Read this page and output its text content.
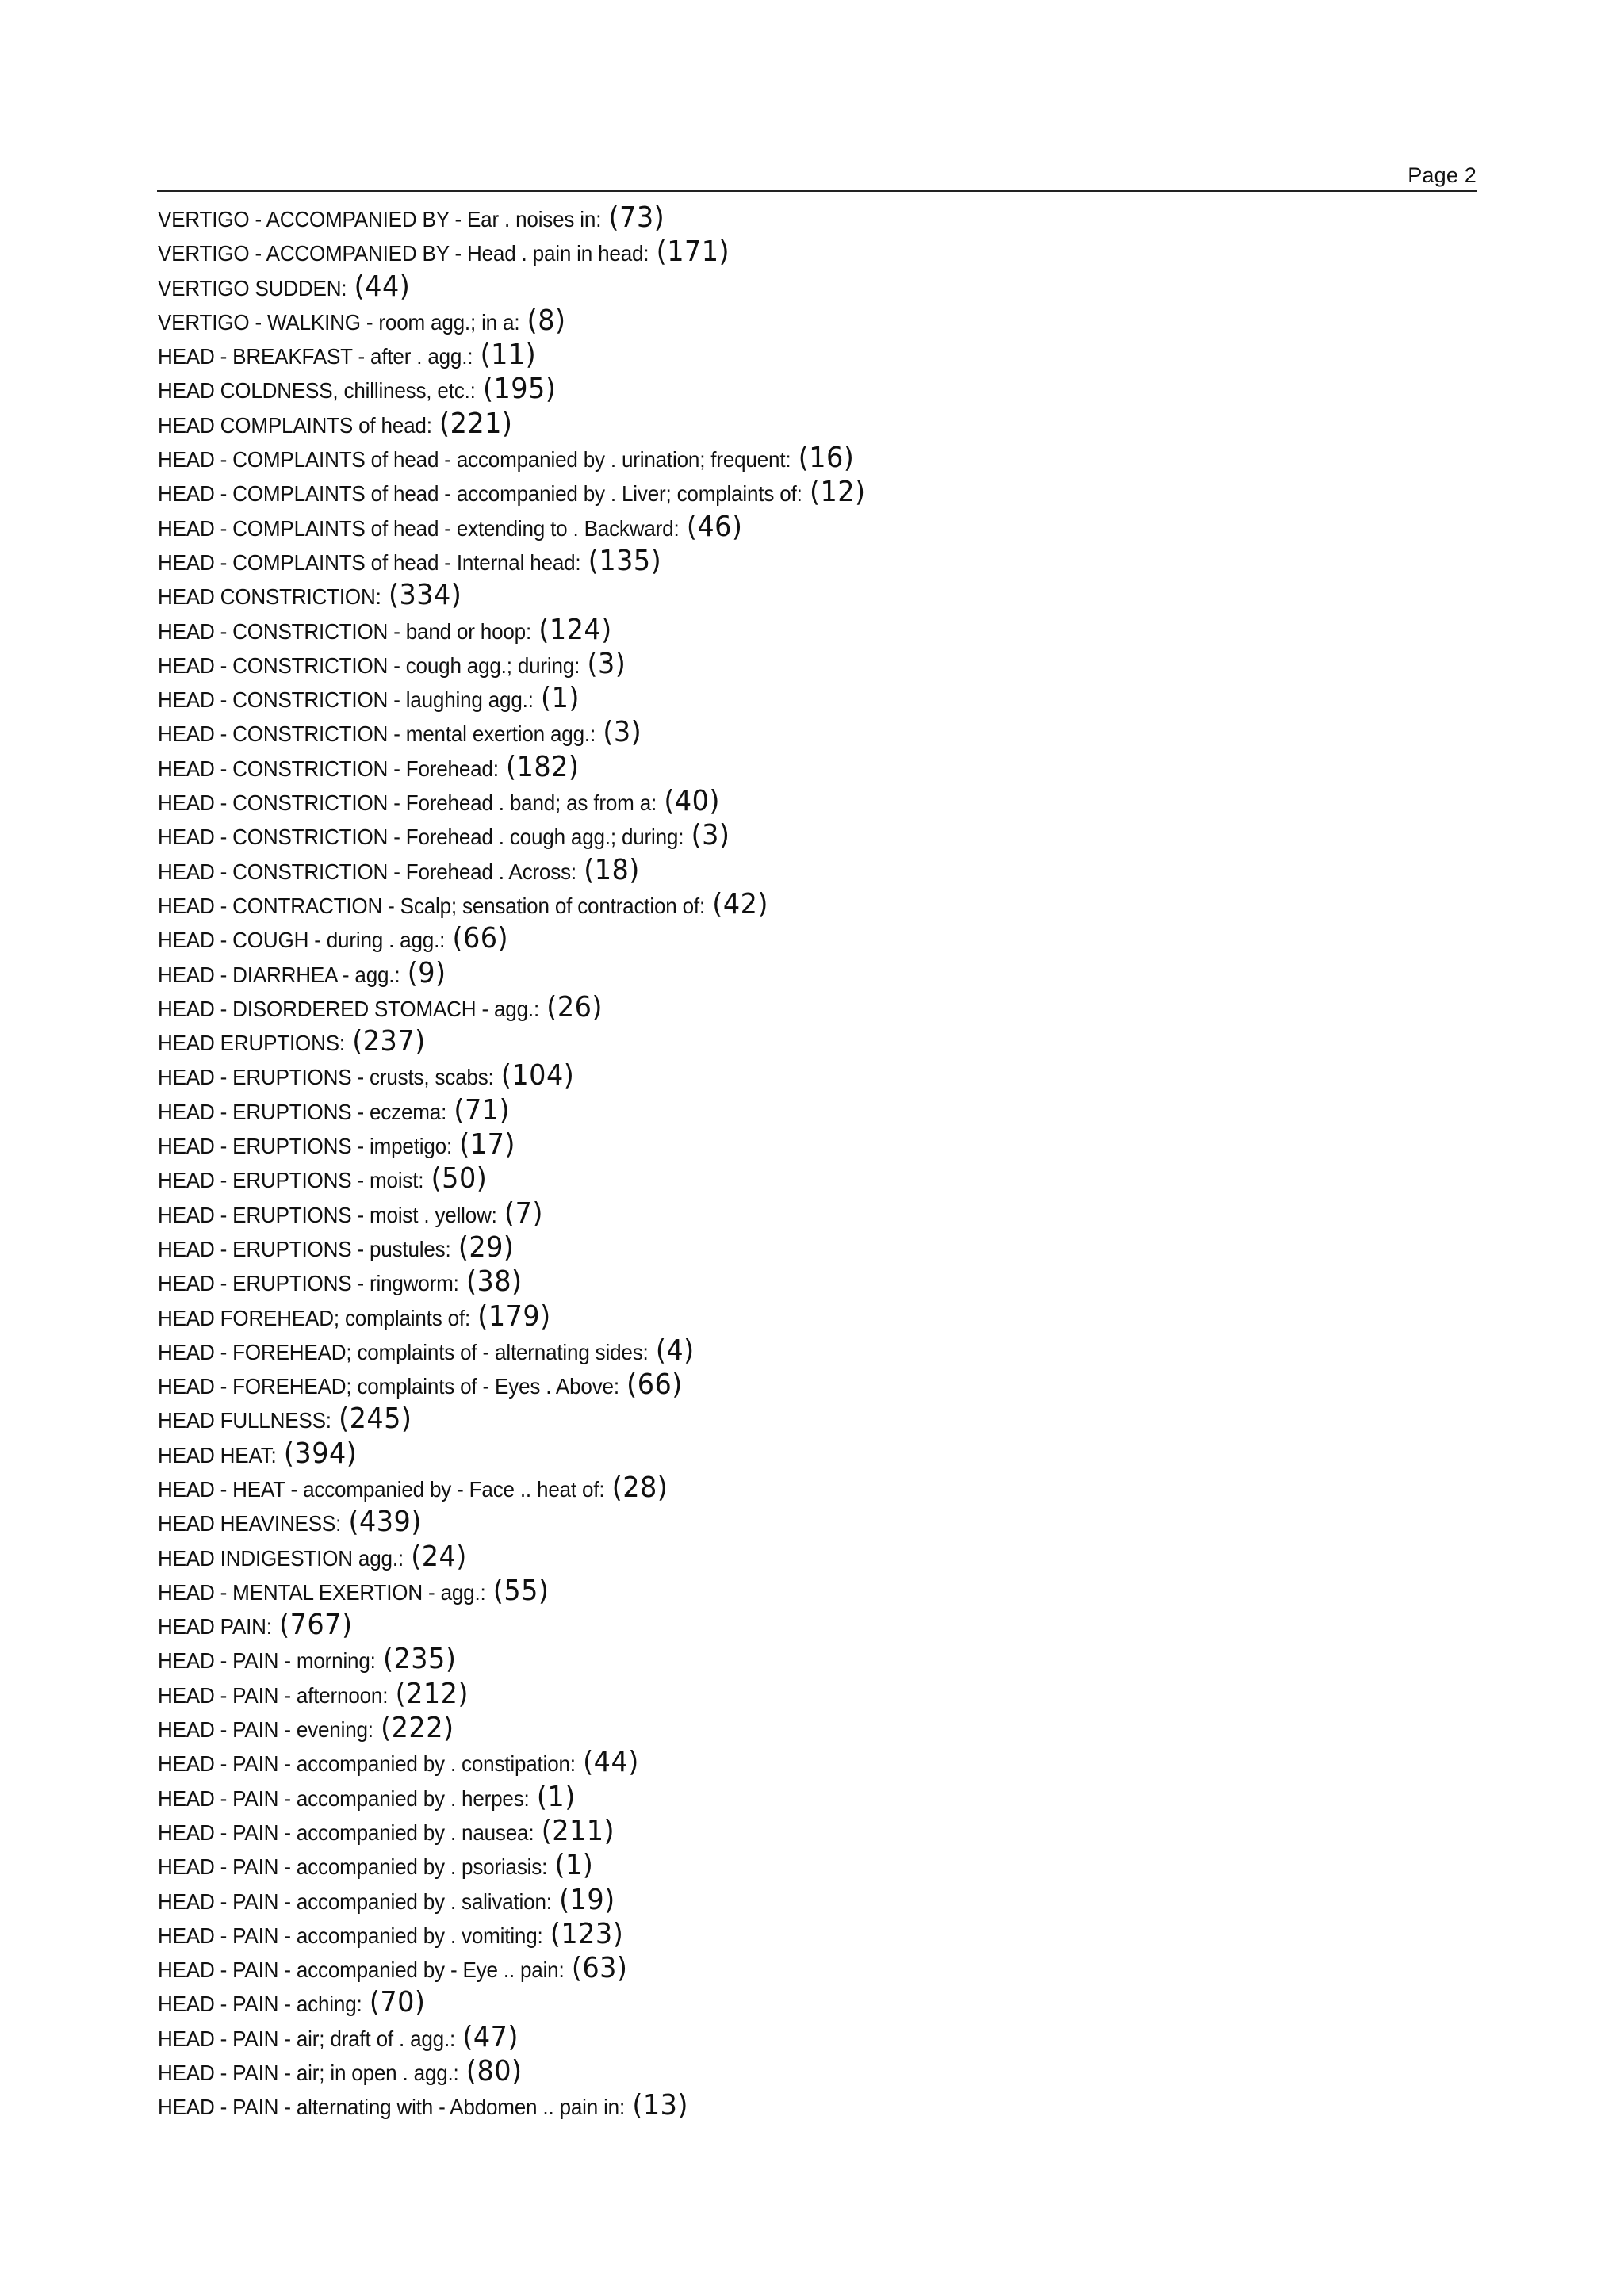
Page 2
VERTIGO - ACCOMPANIED BY - Ear . noises in: (73)
VERTIGO - ACCOMPANIED BY - Head . pain in head: (171)
VERTIGO SUDDEN: (44)
VERTIGO - WALKING - room agg.; in a: (8)
HEAD - BREAKFAST - after . agg.: (11)
HEAD COLDNESS, chilliness, etc.: (195)
HEAD COMPLAINTS of head: (221)
HEAD - COMPLAINTS of head - accompanied by . urination; frequent: (16)
HEAD - COMPLAINTS of head - accompanied by . Liver; complaints of: (12)
HEAD - COMPLAINTS of head - extending to . Backward: (46)
HEAD - COMPLAINTS of head - Internal head: (135)
HEAD CONSTRICTION: (334)
HEAD - CONSTRICTION - band or hoop: (124)
HEAD - CONSTRICTION - cough agg.; during: (3)
HEAD - CONSTRICTION - laughing agg.: (1)
HEAD - CONSTRICTION - mental exertion agg.: (3)
HEAD - CONSTRICTION - Forehead: (182)
HEAD - CONSTRICTION - Forehead . band; as from a: (40)
HEAD - CONSTRICTION - Forehead . cough agg.; during: (3)
HEAD - CONSTRICTION - Forehead . Across: (18)
HEAD - CONTRACTION - Scalp; sensation of contraction of: (42)
HEAD - COUGH - during . agg.: (66)
HEAD - DIARRHEA - agg.: (9)
HEAD - DISORDERED STOMACH - agg.: (26)
HEAD ERUPTIONS: (237)
HEAD - ERUPTIONS - crusts, scabs: (104)
HEAD - ERUPTIONS - eczema: (71)
HEAD - ERUPTIONS - impetigo: (17)
HEAD - ERUPTIONS - moist: (50)
HEAD - ERUPTIONS - moist . yellow: (7)
HEAD - ERUPTIONS - pustules: (29)
HEAD - ERUPTIONS - ringworm: (38)
HEAD FOREHEAD; complaints of: (179)
HEAD - FOREHEAD; complaints of - alternating sides: (4)
HEAD - FOREHEAD; complaints of - Eyes . Above: (66)
HEAD FULLNESS: (245)
HEAD HEAT: (394)
HEAD - HEAT - accompanied by - Face .. heat of: (28)
HEAD HEAVINESS: (439)
HEAD INDIGESTION agg.: (24)
HEAD - MENTAL EXERTION - agg.: (55)
HEAD PAIN: (767)
HEAD - PAIN - morning: (235)
HEAD - PAIN - afternoon: (212)
HEAD - PAIN - evening: (222)
HEAD - PAIN - accompanied by . constipation: (44)
HEAD - PAIN - accompanied by . herpes: (1)
HEAD - PAIN - accompanied by . nausea: (211)
HEAD - PAIN - accompanied by . psoriasis: (1)
HEAD - PAIN - accompanied by . salivation: (19)
HEAD - PAIN - accompanied by . vomiting: (123)
HEAD - PAIN - accompanied by - Eye .. pain: (63)
HEAD - PAIN - aching: (70)
HEAD - PAIN - air; draft of . agg.: (47)
HEAD - PAIN - air; in open . agg.: (80)
HEAD - PAIN - alternating with - Abdomen .. pain in: (13)
